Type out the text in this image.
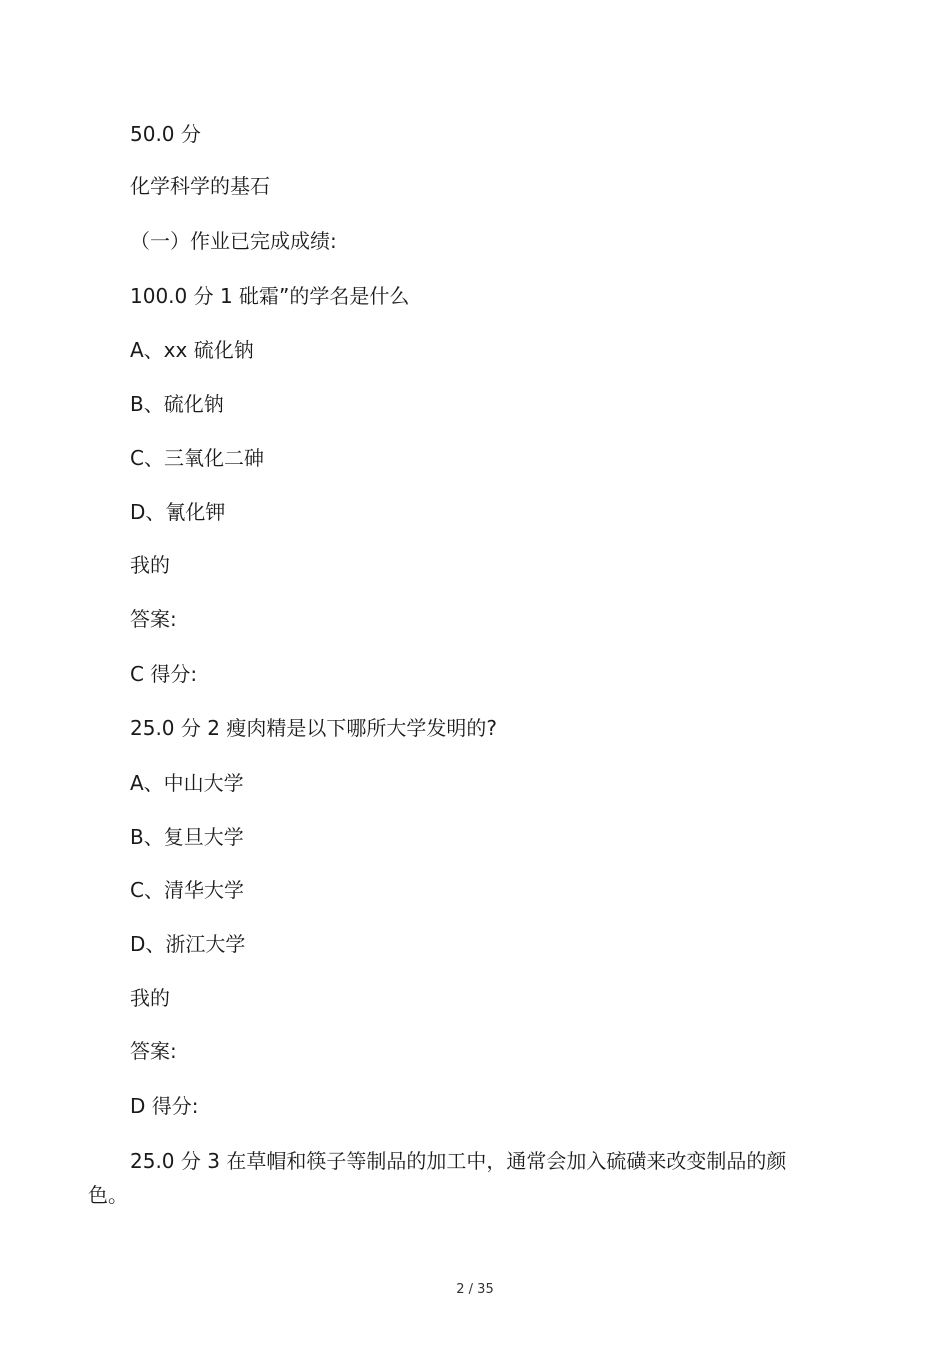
50.0 分
化学科学的基石
（一）作业已完成成绩:
100.0 分 1 砒霜”的学名是什么
A、xx 硫化钠
B、硫化钠
C、三氧化二砷
D、氰化钾
我的
答案:
C 得分:
25.0 分 2 瘦肉精是以下哪所大学发明的?
A、中山大学
B、复旦大学
C、清华大学
D、浙江大学
我的
答案:
D 得分:
25.0 分 3 在草帽和筷子等制品的加工中，通常会加入硫磺来改变制品的颜色。
2 / 35
